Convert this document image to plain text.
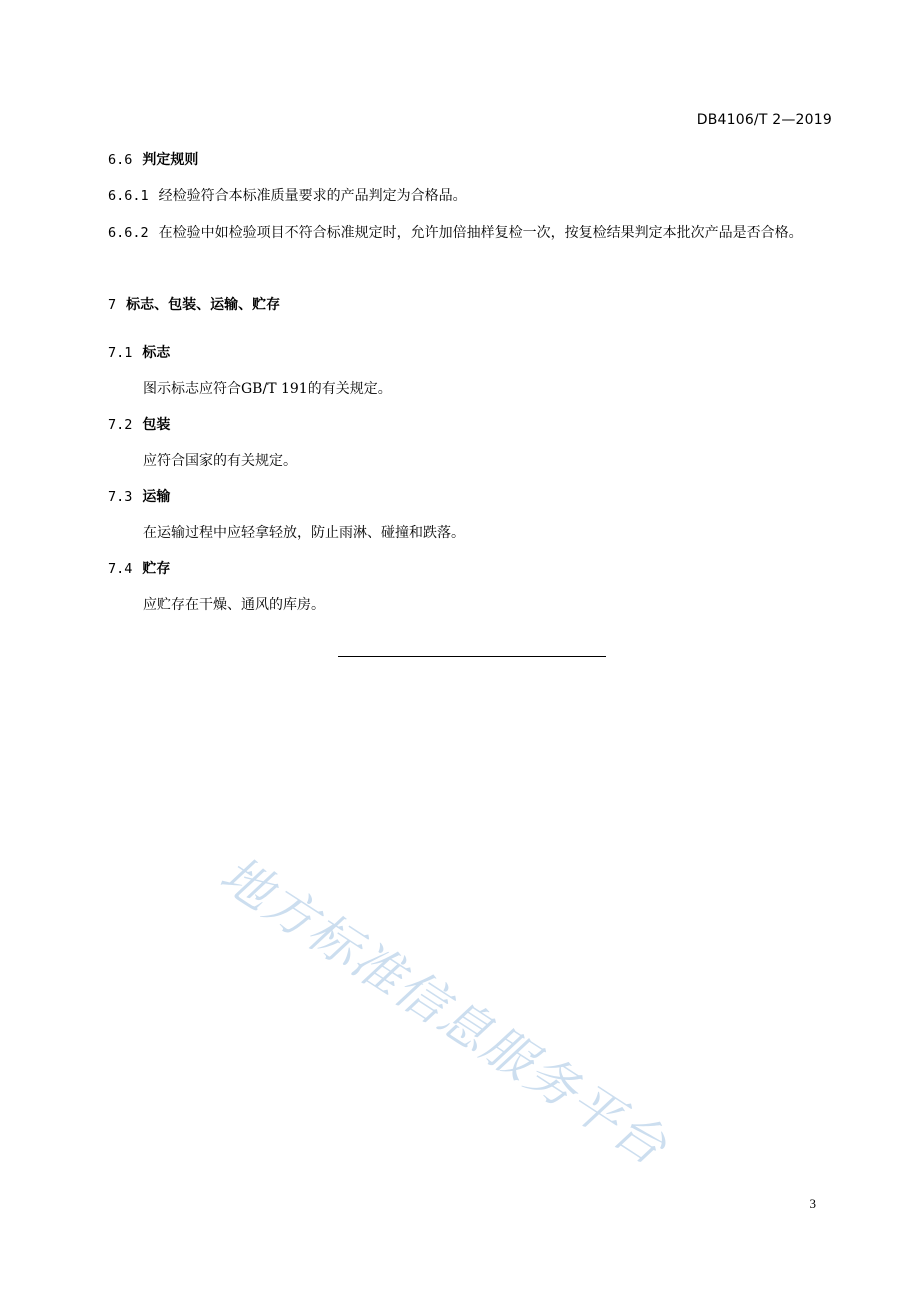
DB4106/T 2—2019
6.6 判定规则
6.6.1 经检验符合本标准质量要求的产品判定为合格品。
6.6.2 在检验中如检验项目不符合标准规定时，允许加倍抽样复检一次，按复检结果判定本批次产品是否合格。
7 标志、包装、运输、贮存
7.1 标志
图示标志应符合GB/T 191的有关规定。
7.2 包装
应符合国家的有关规定。
7.3 运输
在运输过程中应轻拿轻放，防止雨淋、碰撞和跌落。
7.4 贮存
应贮存在干燥、通风的库房。
地方标准信息服务平台
3
